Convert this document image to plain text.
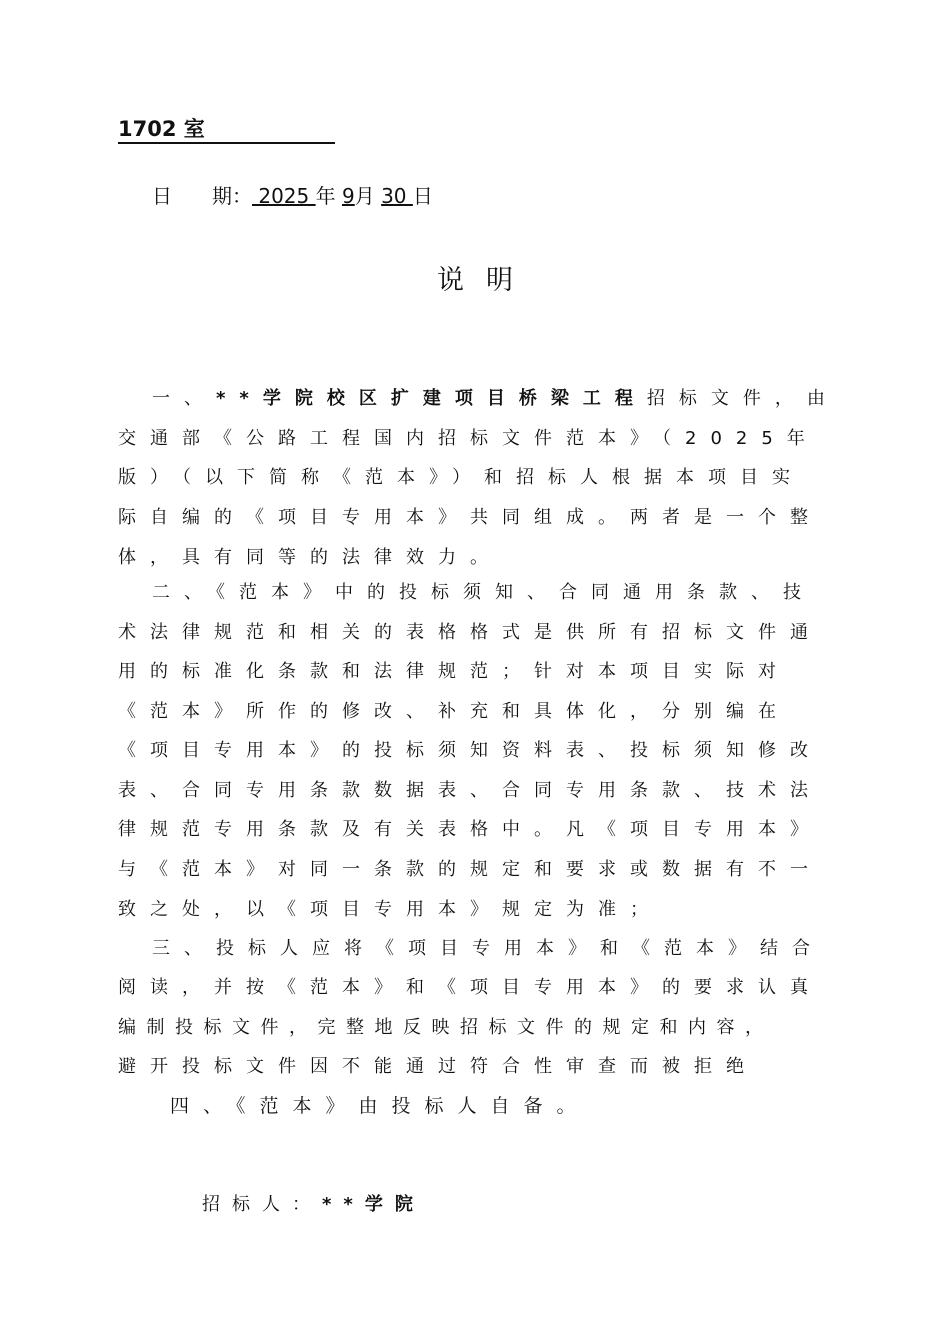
1702 室
日　　期： 2025 年 9月 30 日
说明
一、**学院校区扩建项目桥梁工程招标文件，由
交通部《公路工程国内招标文件范本》（2025年
版）（以下简称《范本》）和招标人根据本项目实
际自编的《项目专用本》共同组成。两者是一个整
体，具有同等的法律效力。
二、《范本》中的投标须知、合同通用条款、技
术法律规范和相关的表格格式是供所有招标文件通
用的标准化条款和法律规范；针对本项目实际对
《范本》所作的修改、补充和具体化，分别编在
《项目专用本》的投标须知资料表、投标须知修改
表、合同专用条款数据表、合同专用条款、技术法
律规范专用条款及有关表格中。凡《项目专用本》
与《范本》对同一条款的规定和要求或数据有不一
致之处，以《项目专用本》规定为准；
三、投标人应将《项目专用本》和《范本》结合
阅读，并按《范本》和《项目专用本》的要求认真
编制投标文件，完整地反映招标文件的规定和内容，
避开投标文件因不能通过符合性审查而被拒绝
四、《范本》由投标人自备。
招标人：**学院
